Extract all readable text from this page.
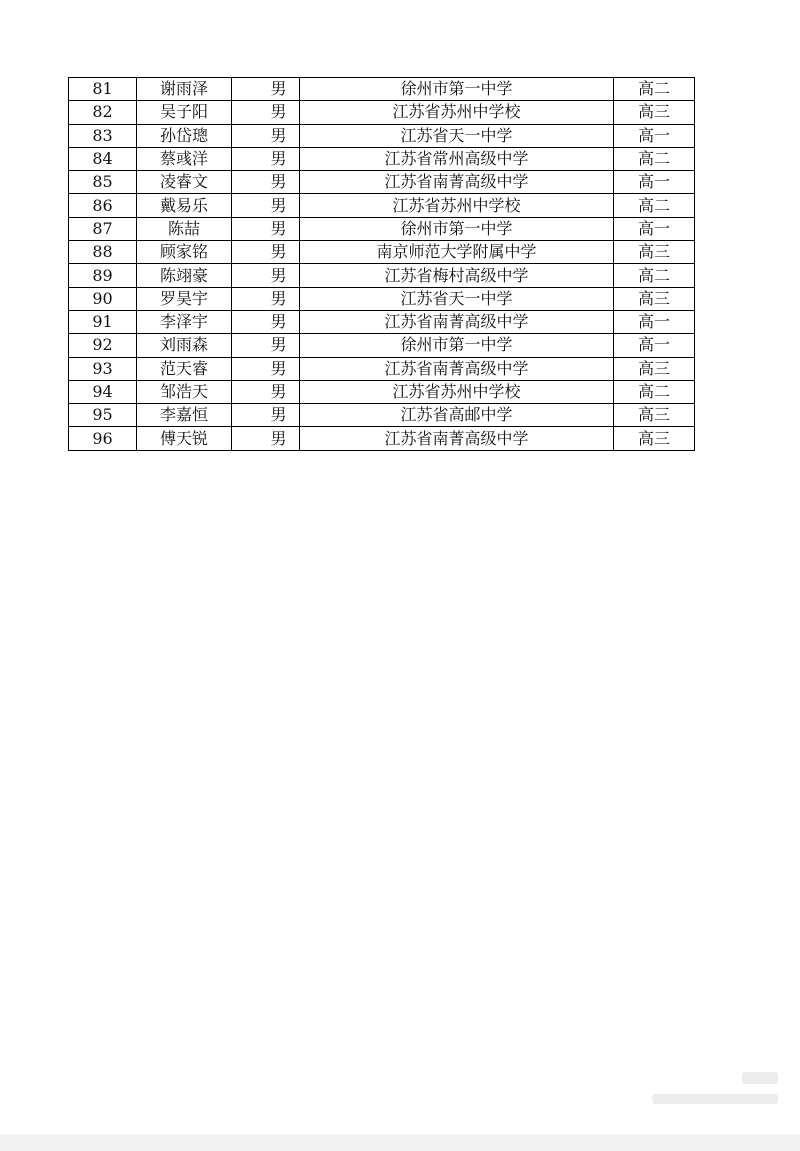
81	谢雨泽	男	徐州市第一中学	高二
82	吴子阳	男	江苏省苏州中学校	高三
83	孙岱璁	男	江苏省天一中学	高一
84	蔡彧洋	男	江苏省常州高级中学	高二
85	凌睿文	男	江苏省南菁高级中学	高一
86	戴易乐	男	江苏省苏州中学校	高二
87	陈喆	男	徐州市第一中学	高一
88	顾家铭	男	南京师范大学附属中学	高三
89	陈翊豪	男	江苏省梅村高级中学	高二
90	罗昊宇	男	江苏省天一中学	高三
91	李泽宇	男	江苏省南菁高级中学	高一
92	刘雨森	男	徐州市第一中学	高一
93	范天睿	男	江苏省南菁高级中学	高三
94	邹浩天	男	江苏省苏州中学校	高二
95	李嘉恒	男	江苏省高邮中学	高三
96	傅天锐	男	江苏省南菁高级中学	高三
